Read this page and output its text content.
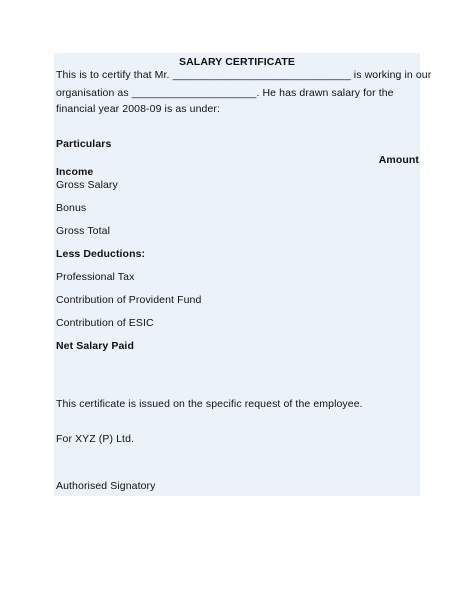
SALARY CERTIFICATE
This is to certify that Mr. ______________________________ is working in our
organisation as _____________________. He has drawn salary for the
financial year 2008-09 is as under:
Particulars
Amount
Income
Gross Salary
Bonus
Gross Total
Less Deductions:
Professional Tax
Contribution of Provident Fund
Contribution of ESIC
Net Salary Paid
This certificate is issued on the specific request of the employee.
For XYZ (P) Ltd.
Authorised Signatory
